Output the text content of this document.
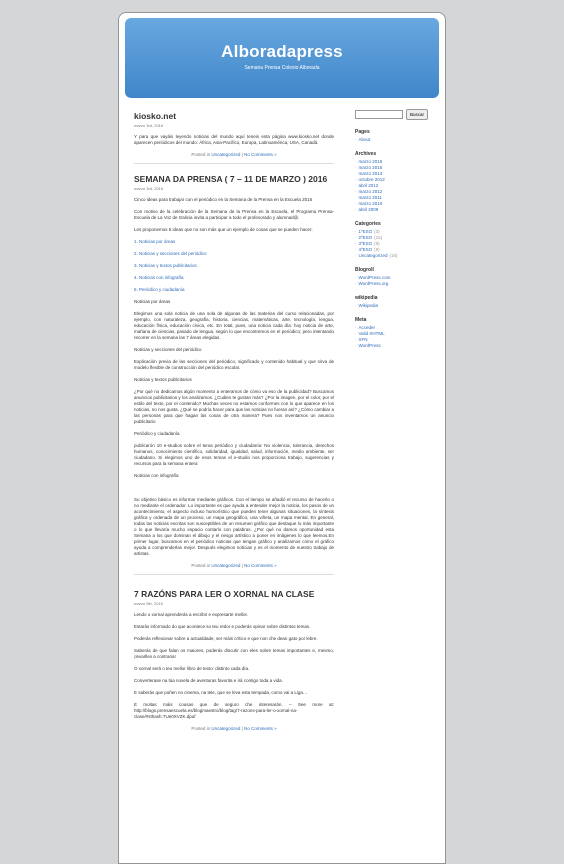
Alboradapress
Semana Prensa Colexio Alborada
kiosko.net
marzo 3rd, 2016

Y para que vayáis leyendo noticias del mundo aquí teneis esta página www.kiosko.net donde aparecen periódicos del mundo: África, Asia-Pacífico, Europa, Latinoamérica, USA, Canadá.

Posted in Uncategorized | No Comments »
SEMANA DA PRENSA ( 7 – 11 DE MARZO ) 2016
marzo 3rd, 2016

Cinco ideas para trabajar con el periódico en la Semana de la Prensa en la Escuela 2016

Con motivo de la celebración de la Semana de la Prensa en la Escuela, el Programa Prensa-Escuela de La Voz de Galicia invita a participar a todo el profesorado y alumnad@.

Les proponemos 5 ideas que no son más que un ejemplo de cosas que se pueden hacer:

1. Noticias por áreas

2. Noticias y secciones del periódico

3. Noticias y textos publicitarios

4. Noticias con infografía

5. Periódico y ciudadanía

Noticias por áreas

Elegimos una sola noticia de una sola de algunas de las materias del curso relacionadas, por ejemplo, con naturaleza, geografía, historia, ciencias, matemáticas, arte, tecnología, lengua, educación física, educación cívica, etc. En total, pues, una noticia cada día: hoy noticia de arte, mañana de ciencias, pasado de lengua, según lo que encontremos en el periódico; pero intentando recorrer en la semana las 7 áreas elegidas.

Noticias y secciones del periódico

Explicación previa de las secciones del periódico, significado y contenido habitual y que sirva de modelo flexible de construcción del periódico escolar.

Noticias y textos publicitarios

¿Por qué no dedicamos algún momento a enteramos de cómo va eso de la publicidad? Buscamos anuncios publicitarios y los analizamos. ¿Cuáles te gustan más? ¿Por la imagen, por el color, por el estilo del texto, por el contenido? Muchas veces no estamos conformes con lo que aparece en los noticias, no nos gusta. ¿Qué se podría hacer para que las noticias no fueran así? ¿Cómo cambiar a las personas para que hagan las cosas de otra manera? Pues nos inventamos un anuncio publicitario

Periódico y ciudadanía

publicarón 10 e-studios sobre el tema periódico y ciudadanía: No violencia, tolerancia, derechos humanos, conocimiento científico, solidaridad, igualdad, salud, información, medio ambiente, ser ciudadano. Si elegimos uno de esos temas el e-studio nos proporciona trabajo, sugerencias y recursos para la semana entera

Noticias con infografía

Su objetivo básico es informar mediante gráficos. Con el tiempo se añadió el recurso de hacerlo o no mediante el ordenador. Lo importante es que ayuda a entender mejor la noticia, los pasos de un acontecimiento, el aspecto incluso humorístico que pueden tener algunas situaciones, la síntesis gráfica y ordenada de un proceso, un mapa geográfico, una viñeta, un mapa mental. En general, todas las noticias escritas son susceptibles de un resumen gráfico que destaque lo más importante o lo que llevaría mucho espacio contarlo con palabras. ¿Por qué no damos oportunidad esta Semana a los que dominan el dibujo y el riesgo artístico a poner en imágenes lo que leemos.En primer lugar, buscamos en el periódico noticias que tengan gráfico y analizamos cómo el gráfico ayuda a comprenderlas mejor. Después elegimos noticias y es el momento de nuestro trabajo de artistas.

Posted in Uncategorized | No Comments »
7 RAZÓNS PARA LER O XORNAL NA CLASE
marzo 9th, 2015

Lendo o xornal aprenderás a escribir e expresarte mellor.

Estarás informado do que acontece so teu redor e poderás opinar sobre distintos temas.

Poderás reflexionar sobre a actualidade, ser máis crítico e que non che dean gato por lebre.

Saberás de que falan os maiores, poderás discutir con eles sobre temas importantes e, mesmo, ¡levarlles a contraria!

O xornal será o teu mellor libro de texto: distinto cada día.

Converterase na túa novela de aventuras favorita e irá contigo toda a vida.

E saberás que poñen no cinema, na tele, que se leva esta tempada, como vai a Liga…

E moitas máis cousas que de seguro che interesarán. – See more at: http://blogs.prensaescuela.es/blogmaestro/blog/tag/7-razons-para-ler-o-xornal-na-clase/#sthash.TUe0XVZK.dpuf

Posted in Uncategorized | No Comments »
Buscar
Pages
· About
Archives
· marzo 2016
· marzo 2015
· marzo 2013
· octubre 2012
· abril 2012
· marzo 2012
· marzo 2011
· marzo 2010
· abril 2009
Categories
· 1ºESO (3)
· 2ºESO (15)
· 3ºESO (8)
· 4ºESO (9)
· Uncategorized (16)
Blogroll
· WordPress.com
· WordPress.org
wikipedia
· Wikipedia
Meta
· Acceder
· Valid XHTML
· XFN
· WordPress
